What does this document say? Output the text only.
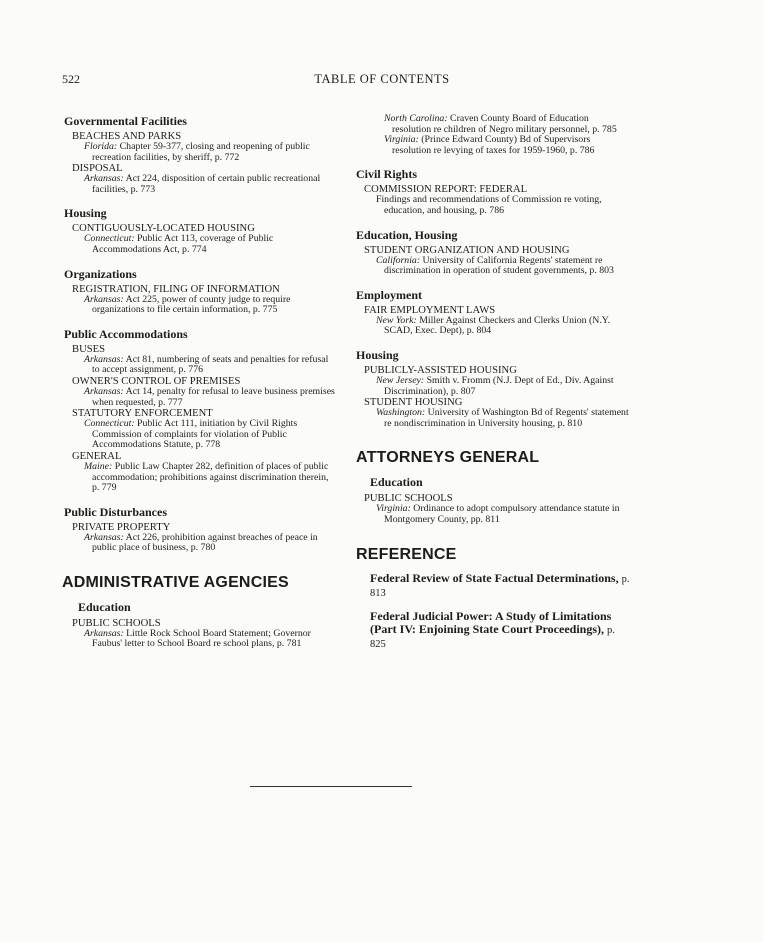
522	TABLE OF CONTENTS
Governmental Facilities
BEACHES AND PARKS
Florida: Chapter 59-377, closing and reopening of public recreation facilities, by sheriff, p. 772
DISPOSAL
Arkansas: Act 224, disposition of certain public recreational facilities, p. 773
Housing
CONTIGUOUSLY-LOCATED HOUSING
Connecticut: Public Act 113, coverage of Public Accommodations Act, p. 774
Organizations
REGISTRATION, FILING OF INFORMATION
Arkansas: Act 225, power of county judge to require organizations to file certain information, p. 775
Public Accommodations
BUSES
Arkansas: Act 81, numbering of seats and penalties for refusal to accept assignment, p. 776
OWNER'S CONTROL OF PREMISES
Arkansas: Act 14, penalty for refusal to leave business premises when requested, p. 777
STATUTORY ENFORCEMENT
Connecticut: Public Act 111, initiation by Civil Rights Commission of complaints for violation of Public Accommodations Statute, p. 778
GENERAL
Maine: Public Law Chapter 282, definition of places of public accommodation; prohibitions against discrimination therein, p. 779
Public Disturbances
PRIVATE PROPERTY
Arkansas: Act 226, prohibition against breaches of peace in public place of business, p. 780
ADMINISTRATIVE AGENCIES
Education
PUBLIC SCHOOLS
Arkansas: Little Rock School Board Statement; Governor Faubus' letter to School Board re school plans, p. 781
North Carolina: Craven County Board of Education resolution re children of Negro military personnel, p. 785
Virginia: (Prince Edward County) Bd of Supervisors resolution re levying of taxes for 1959-1960, p. 786
Civil Rights
COMMISSION REPORT: FEDERAL
Findings and recommendations of Commission re voting, education, and housing, p. 786
Education, Housing
STUDENT ORGANIZATION AND HOUSING
California: University of California Regents' statement re discrimination in operation of student governments, p. 803
Employment
FAIR EMPLOYMENT LAWS
New York: Miller Against Checkers and Clerks Union (N.Y. SCAD, Exec. Dept), p. 804
Housing
PUBLICLY-ASSISTED HOUSING
New Jersey: Smith v. Fromm (N.J. Dept of Ed., Div. Against Discrimination), p. 807
STUDENT HOUSING
Washington: University of Washington Bd of Regents' statement re nondiscrimination in University housing, p. 810
ATTORNEYS GENERAL
Education
PUBLIC SCHOOLS
Virginia: Ordinance to adopt compulsory attendance statute in Montgomery County, pp. 811
REFERENCE
Federal Review of State Factual Determinations, p. 813
Federal Judicial Power: A Study of Limitations (Part IV: Enjoining State Court Proceedings), p. 825
